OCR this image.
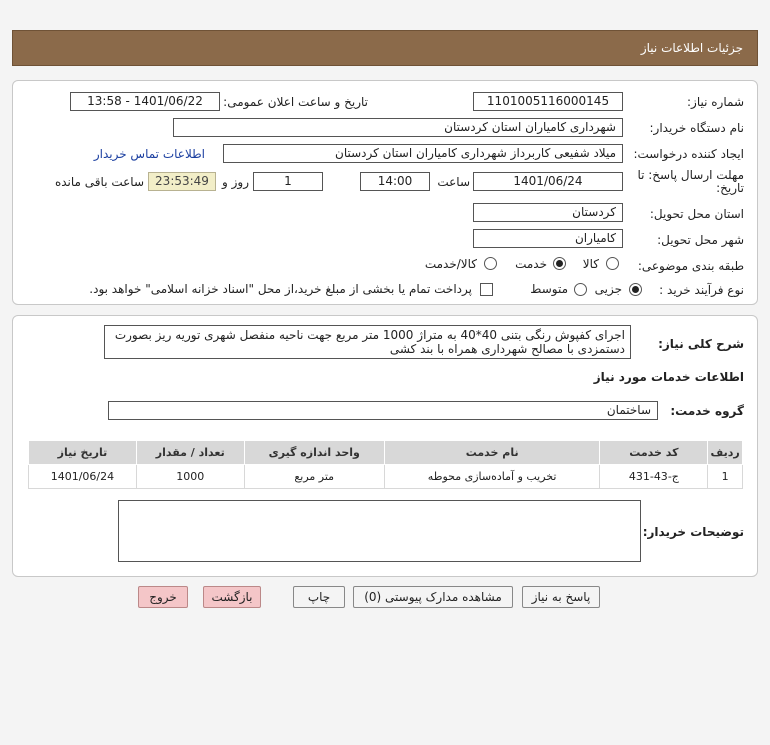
جزئیات اطلاعات نیاز
شماره نیاز:
1101005116000145
تاریخ و ساعت اعلان عمومی:
1401/06/22 - 13:58
نام دستگاه خریدار:
شهرداری کامیاران استان کردستان
ایجاد کننده درخواست:
میلاد شفیعی کاربرداز شهرداری کامیاران استان کردستان
اطلاعات تماس خریدار
مهلت ارسال پاسخ: تا
تاریخ:
1401/06/24
ساعت
14:00
1
روز و
23:53:49
ساعت باقی مانده
استان محل تحویل:
کردستان
شهر محل تحویل:
کامیاران
طبقه بندی موضوعی:
کالا
خدمت
کالا/خدمت
نوع فرآیند خرید :
جزیی
متوسط
پرداخت تمام یا بخشی از مبلغ خرید،از محل "اسناد خزانه اسلامی" خواهد بود.
شرح کلی نیاز:
اجرای کفپوش رنگی بتنی 40*40 به متراژ 1000 متر مربع جهت ناحیه منفصل شهری توریه ریز بصورت
دستمزدی با مصالح شهرداری همراه با بند کشی
اطلاعات خدمات مورد نیاز
گروه خدمت:
ساختمان
ردیف	کد خدمت	نام خدمت	واحد اندازه گیری	تعداد / مقدار	تاریخ نیاز
1	ج-43-431	تخریب و آماده‌سازی محوطه	متر مربع	1000	1401/06/24
توضیحات خریدار:
پاسخ به نیاز
مشاهده مدارک پیوستی (0)
چاپ
بازگشت
خروج
